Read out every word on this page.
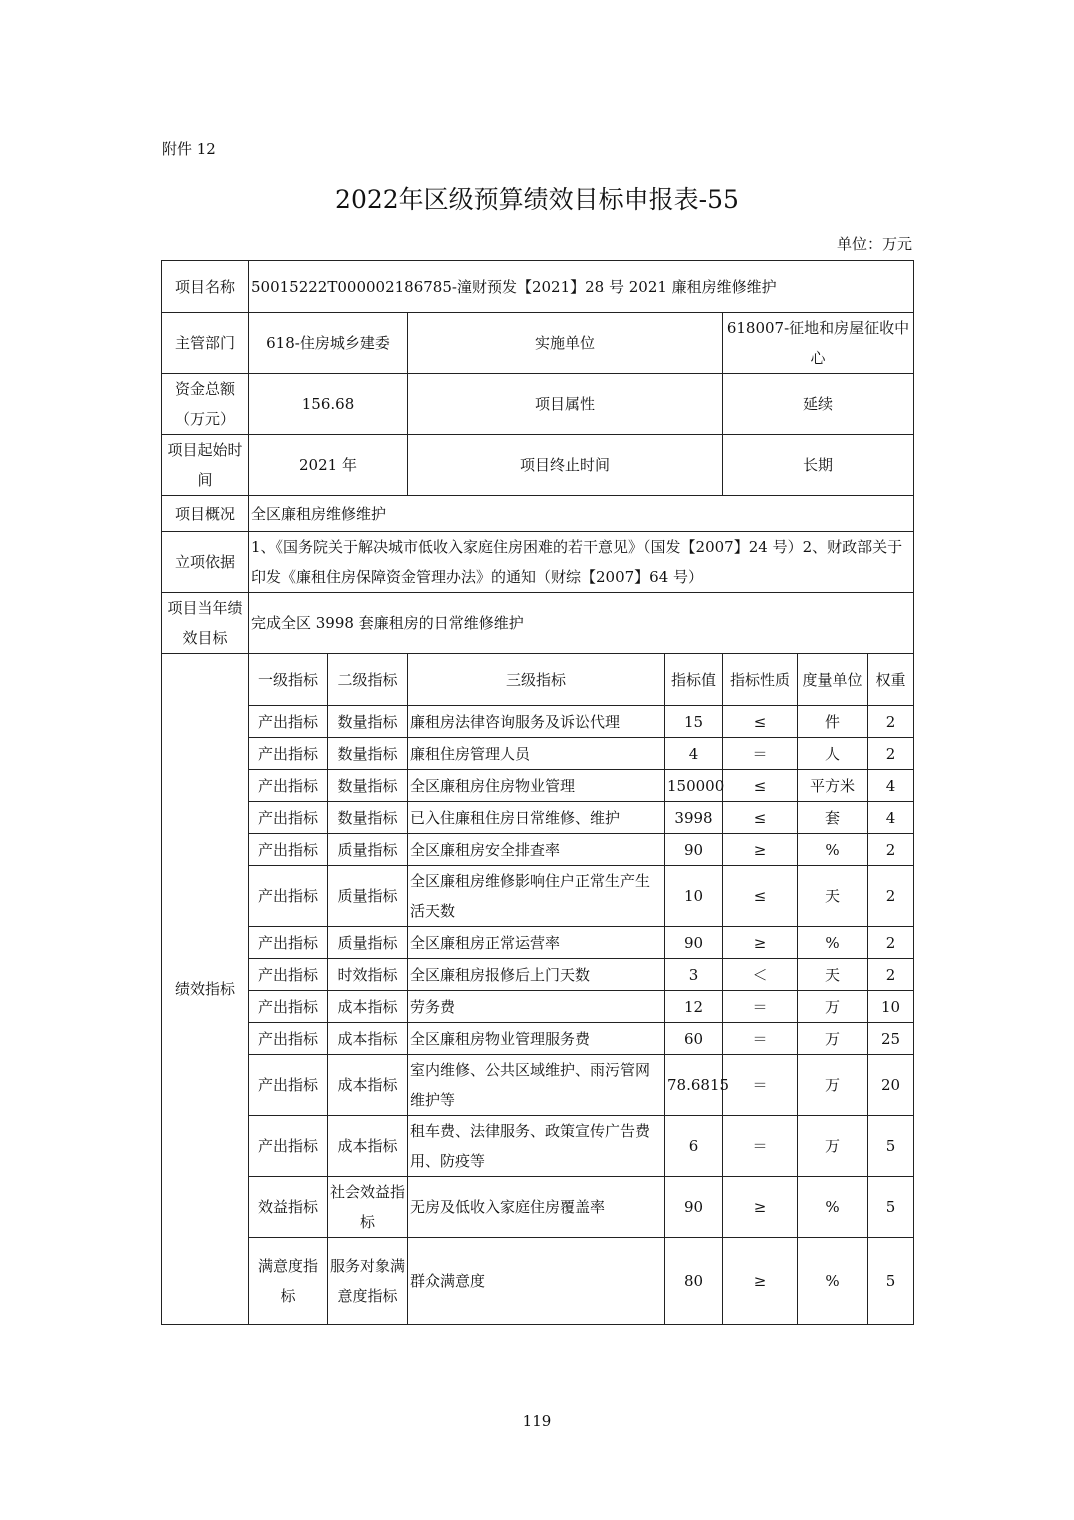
附件 12
2022年区级预算绩效目标申报表-55
单位：万元
项目名称	50015222T000002186785-潼财预发【2021】28 号 2021 廉租房维修维护						
主管部门	618-住房城乡建委		实施单位		618007-征地和房屋征收中心		
资金总额（万元）	156.68		项目属性		延续		
项目起始时间	2021 年		项目终止时间		长期		
项目概况	全区廉租房维修维护						
立项依据	1、《国务院关于解决城市低收入家庭住房困难的若干意见》（国发【2007】24 号）2、财政部关于印发《廉租住房保障资金管理办法》的通知（财综【2007】64 号）						
项目当年绩效目标	完成全区 3998 套廉租房的日常维修维护						
绩效指标	一级指标	二级指标	三级指标	指标值	指标性质	度量单位	权重
	产出指标	数量指标	廉租房法律咨询服务及诉讼代理	15	≤	件	2
	产出指标	数量指标	廉租住房管理人员	4	＝	人	2
	产出指标	数量指标	全区廉租房住房物业管理	150000	≤	平方米	4
	产出指标	数量指标	已入住廉租住房日常维修、维护	3998	≤	套	4
	产出指标	质量指标	全区廉租房安全排查率	90	≥	%	2
	产出指标	质量指标	全区廉租房维修影响住户正常生产生活天数	10	≤	天	2
	产出指标	质量指标	全区廉租房正常运营率	90	≥	%	2
	产出指标	时效指标	全区廉租房报修后上门天数	3	＜	天	2
	产出指标	成本指标	劳务费	12	＝	万	10
	产出指标	成本指标	全区廉租房物业管理服务费	60	＝	万	25
	产出指标	成本指标	室内维修、公共区域维护、雨污管网维护等	78.6815	＝	万	20
	产出指标	成本指标	租车费、法律服务、政策宣传广告费用、防疫等	6	＝	万	5
	效益指标	社会效益指标	无房及低收入家庭住房覆盖率	90	≥	%	5
	满意度指标	服务对象满意度指标	群众满意度	80	≥	%	5
119
